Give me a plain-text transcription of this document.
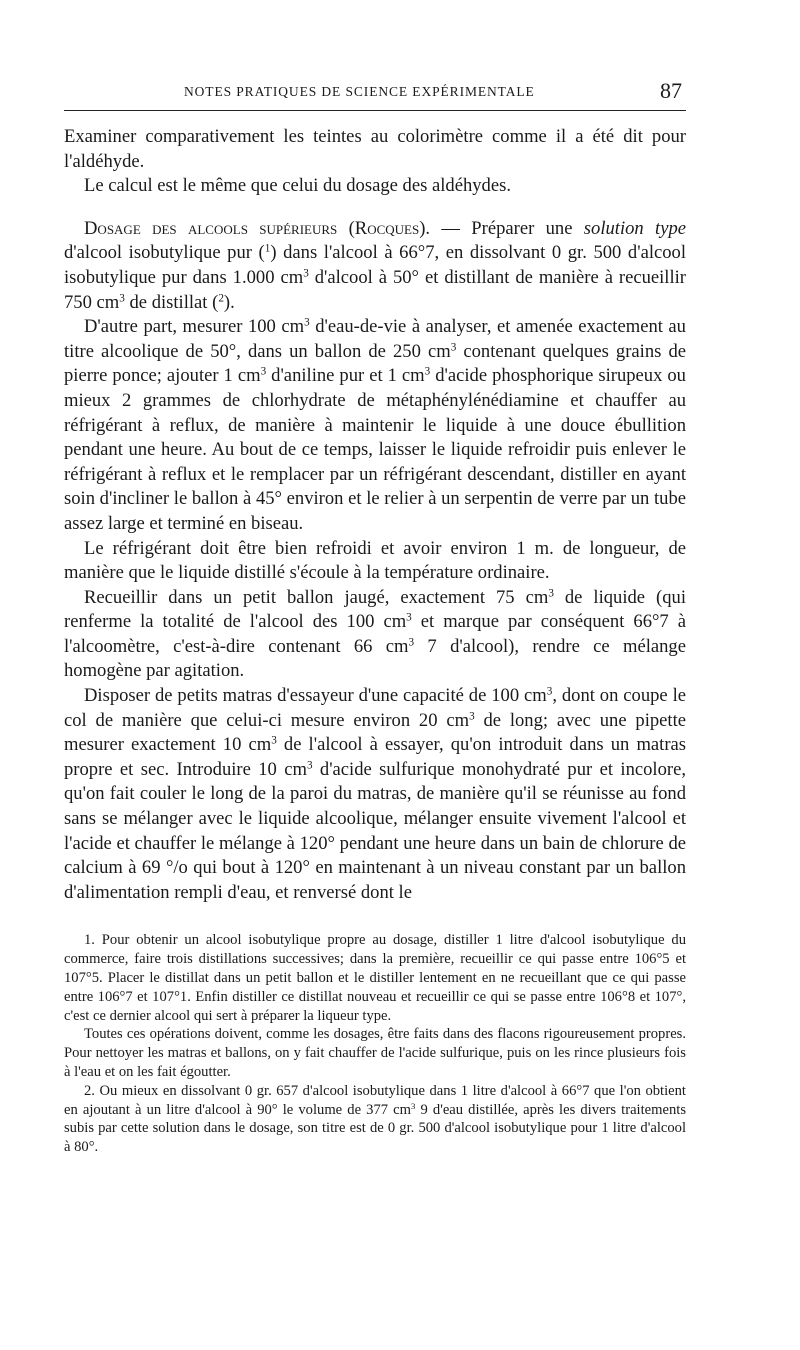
NOTES PRATIQUES DE SCIENCE EXPÉRIMENTALE	87

Examiner comparativement les teintes au colorimètre comme il a été dit pour l'aldéhyde.

Le calcul est le même que celui du dosage des aldéhydes.

Dosage des alcools supérieurs (Rocques). — Préparer une solution type d'alcool isobutylique pur ($^1$) dans l'alcool à 66°7, en dissolvant 0 gr. 500 d'alcool isobutylique pur dans 1.000 $cm^3$ d'alcool à 50° et distillant de manière à recueillir 750 $cm^3$ de distillat ($^2$).

D'autre part, mesurer 100 $cm^3$ d'eau-de-vie à analyser, et amenée exactement au titre alcoolique de 50°, dans un ballon de 250 $cm^3$ contenant quelques grains de pierre ponce; ajouter 1 $cm^3$ d'aniline pur et 1 $cm^3$ d'acide phosphorique sirupeux ou mieux 2 grammes de chlorhydrate de métaphénylénédiamine et chauffer au réfrigérant à reflux, de manière à maintenir le liquide à une douce ébullition pendant une heure. Au bout de ce temps, laisser le liquide refroidir puis enlever le réfrigérant à reflux et le remplacer par un réfrigérant descendant, distiller en ayant soin d'incliner le ballon à 45° environ et le relier à un serpentin de verre par un tube assez large et terminé en biseau.

Le réfrigérant doit être bien refroidi et avoir environ 1 m. de longueur, de manière que le liquide distillé s'écoule à la température ordinaire.

Recueillir dans un petit ballon jaugé, exactement 75 $cm^3$ de liquide (qui renferme la totalité de l'alcool des 100 $cm^3$ et marque par conséquent 66°7 à l'alcoomètre, c'est-à-dire contenant 66 $cm^3$ 7 d'alcool), rendre ce mélange homogène par agitation.

Disposer de petits matras d'essayeur d'une capacité de 100 $cm^3$, dont on coupe le col de manière que celui-ci mesure environ 20 $cm^3$ de long; avec une pipette mesurer exactement 10 $cm^3$ de l'alcool à essayer, qu'on introduit dans un matras propre et sec. Introduire 10 $cm^3$ d'acide sulfurique monohydraté pur et incolore, qu'on fait couler le long de la paroi du matras, de manière qu'il se réunisse au fond sans se mélanger avec le liquide alcoolique, mélanger ensuite vivement l'alcool et l'acide et chauffer le mélange à 120° pendant une heure dans un bain de chlorure de calcium à 69 °/o qui bout à 120° en maintenant à un niveau constant par un ballon d'alimentation rempli d'eau, et renversé dont le

1. Pour obtenir un alcool isobutylique propre au dosage, distiller 1 litre d'alcool isobutylique du commerce, faire trois distillations successives; dans la première, recueillir ce qui passe entre 106°5 et 107°5. Placer le distillat dans un petit ballon et le distiller lentement en ne recueillant que ce qui passe entre 106°7 et 107°1. Enfin distiller ce distillat nouveau et recueillir ce qui se passe entre 106°8 et 107°, c'est ce dernier alcool qui sert à préparer la liqueur type.

Toutes ces opérations doivent, comme les dosages, être faits dans des flacons rigoureusement propres. Pour nettoyer les matras et ballons, on y fait chauffer de l'acide sulfurique, puis on les rince plusieurs fois à l'eau et on les fait égoutter.

2. Ou mieux en dissolvant 0 gr. 657 d'alcool isobutylique dans 1 litre d'alcool à 66°7 que l'on obtient en ajoutant à un litre d'alcool à 90° le volume de 377 $cm^3$ 9 d'eau distillée, après les divers traitements subis par cette solution dans le dosage, son titre est de 0 gr. 500 d'alcool isobutylique pour 1 litre d'alcool à 80°.
